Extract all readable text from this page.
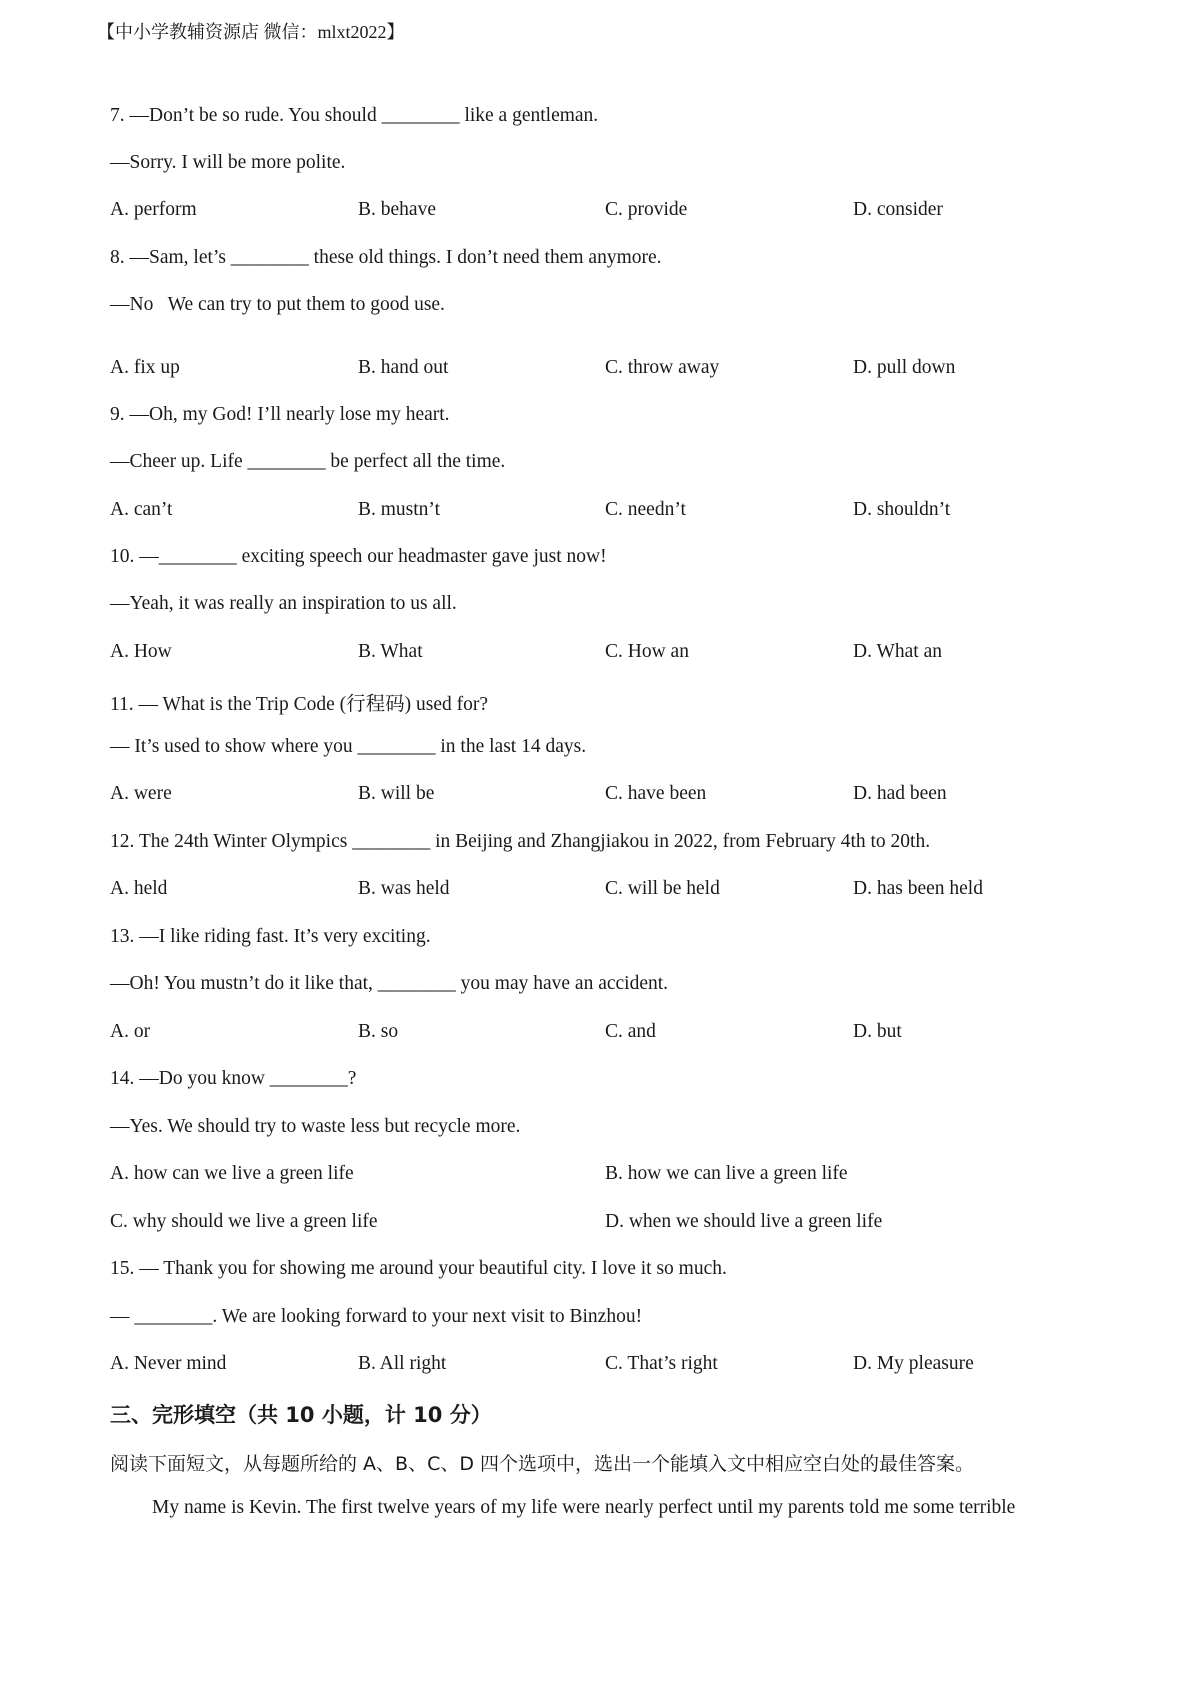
【中小学教辅资源店 微信：mlxt2022】
7. —Don’t be so rude. You should ________ like a gentleman.
—Sorry. I will be more polite.
A. perform	B. behave	C. provide	D. consider
8. —Sam, let’s ________ these old things. I don’t need them anymore.
—No   We can try to put them to good use.
A. fix up	B. hand out	C. throw away	D. pull down
9. —Oh, my God! I’ll nearly lose my heart.
—Cheer up. Life ________ be perfect all the time.
A. can’t	B. mustn’t	C. needn’t	D. shouldn’t
10. —________ exciting speech our headmaster gave just now!
—Yeah, it was really an inspiration to us all.
A. How	B. What	C. How an	D. What an
11. — What is the Trip Code (行程码) used for?
— It’s used to show where you ________ in the last 14 days.
A. were	B. will be	C. have been	D. had been
12. The 24th Winter Olympics ________ in Beijing and Zhangjiakou in 2022, from February 4th to 20th.
A. held	B. was held	C. will be held	D. has been held
13. —I like riding fast. It’s very exciting.
—Oh! You mustn’t do it like that, ________ you may have an accident.
A. or	B. so	C. and	D. but
14. —Do you know ________?
—Yes. We should try to waste less but recycle more.
A. how can we live a green life	B. how we can live a green life
C. why should we live a green life	D. when we should live a green life
15. — Thank you for showing me around your beautiful city. I love it so much.
— ________. We are looking forward to your next visit to Binzhou!
A. Never mind	B. All right	C. That’s right	D. My pleasure
三、完形填空（共 10 小题，计 10 分）
阅读下面短文，从每题所给的 A、B、C、D 四个选项中，选出一个能填入文中相应空白处的最佳答案。
My name is Kevin. The first twelve years of my life were nearly perfect until my parents told me some terrible
